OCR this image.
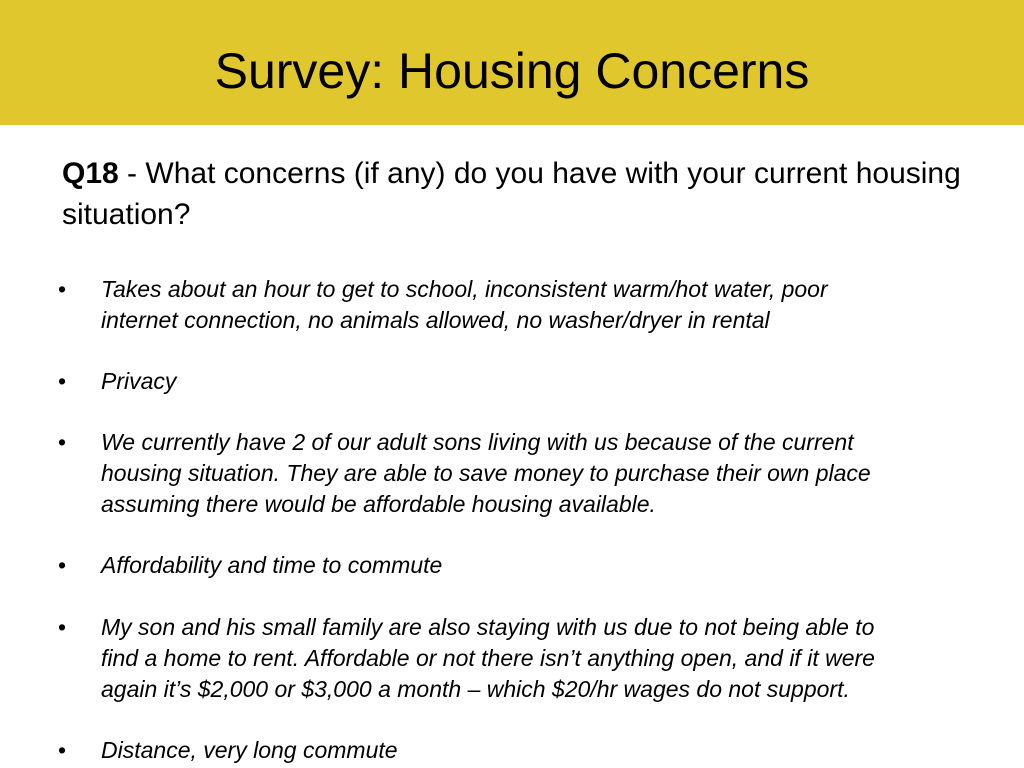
Survey: Housing Concerns
Q18 - What concerns (if any) do you have with your current housing situation?
• Takes about an hour to get to school, inconsistent warm/hot water, poor
internet connection, no animals allowed, no washer/dryer in rental
• Privacy
• We currently have 2 of our adult sons living with us because of the current
housing situation. They are able to save money to purchase their own place
assuming there would be affordable housing available.
• Affordability and time to commute
• My son and his small family are also staying with us due to not being able to
find a home to rent. Affordable or not there isn’t anything open, and if it were
again it’s $2,000 or $3,000 a month – which $20/hr wages do not support.
• Distance, very long commute
